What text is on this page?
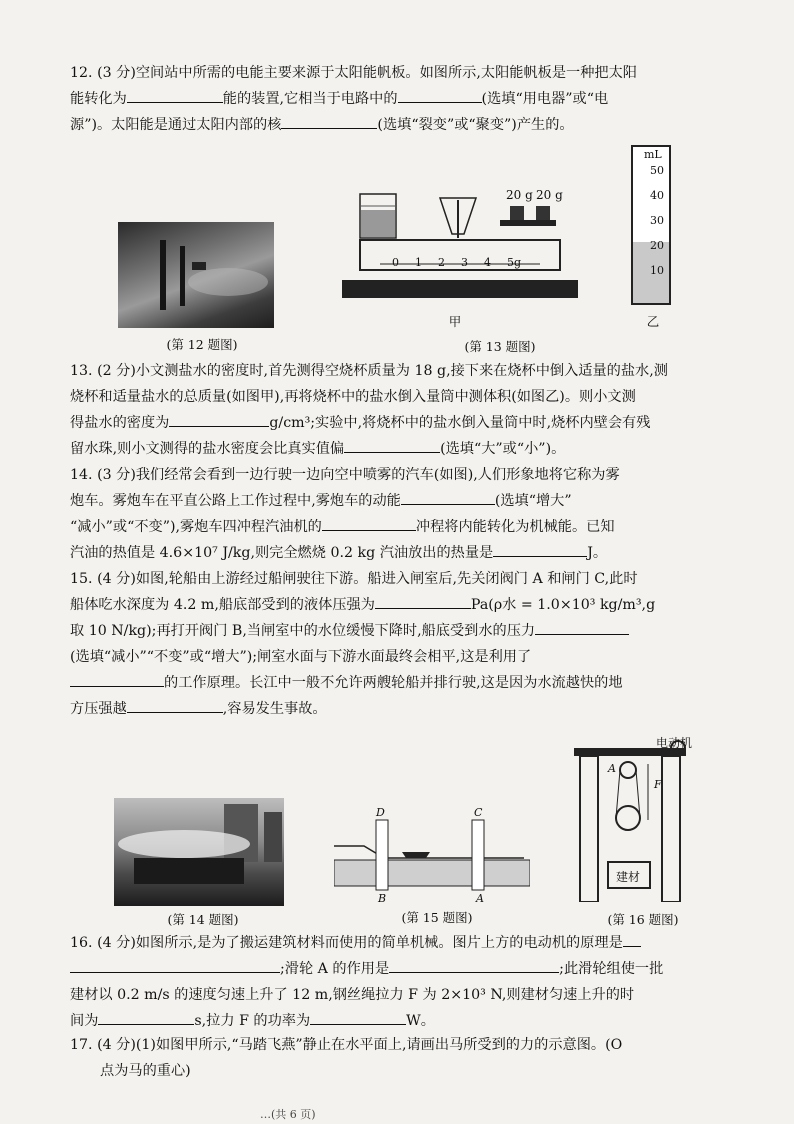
12. (3 分)空间站中所需的电能主要来源于太阳能帆板。如图所示,太阳能帆板是一种把太阳
能转化为	能的装置,它相当于电路中的	(选填“用电器”或“电
源”)。太阳能是通过太阳内部的核	(选填“裂变”或“聚变”)产生的。
(第 12 题图)
20 g 20 g
0 1 2 3 4 5g
甲
(第 13 题图)
mL
50
40
30
20
10
乙
13. (2 分)小文测盐水的密度时,首先测得空烧杯质量为 18 g,接下来在烧杯中倒入适量的盐水,测
烧杯和适量盐水的总质量(如图甲),再将烧杯中的盐水倒入量筒中测体积(如图乙)。则小文测
得盐水的密度为	g/cm³;实验中,将烧杯中的盐水倒入量筒中时,烧杯内壁会有残
留水珠,则小文测得的盐水密度会比真实值偏	(选填“大”或“小”)。
14. (3 分)我们经常会看到一边行驶一边向空中喷雾的汽车(如图),人们形象地将它称为雾
炮车。雾炮车在平直公路上工作过程中,雾炮车的动能	(选填“增大”
“减小”或“不变”),雾炮车四冲程汽油机的	冲程将内能转化为机械能。已知
汽油的热值是 4.6×10⁷ J/kg,则完全燃烧 0.2 kg 汽油放出的热量是	J。
15. (4 分)如图,轮船由上游经过船闸驶往下游。船进入闸室后,先关闭阀门 A 和闸门 C,此时
船体吃水深度为 4.2 m,船底部受到的液体压强为	Pa(ρ水 = 1.0×10³ kg/m³,g
取 10 N/kg);再打开阀门 B,当闸室中的水位缓慢下降时,船底受到水的压力
(选填“减小”“不变”或“增大”);闸室水面与下游水面最终会相平,这是利用了
的工作原理。长江中一般不允许两艘轮船并排行驶,这是因为水流越快的地
方压强越	,容易发生事故。
(第 14 题图)
D	C
B	A
(第 15 题图)
电动机
A
F
建材
(第 16 题图)
16. (4 分)如图所示,是为了搬运建筑材料而使用的简单机械。图片上方的电动机的原理是
;滑轮 A 的作用是	;此滑轮组使一批
建材以 0.2 m/s 的速度匀速上升了 12 m,钢丝绳拉力 F 为 2×10³ N,则建材匀速上升的时
间为	s,拉力 F 的功率为	W。
17. (4 分)(1)如图甲所示,“马踏飞燕”静止在水平面上,请画出马所受到的力的示意图。(O
点为马的重心)
…(共 6 页)
